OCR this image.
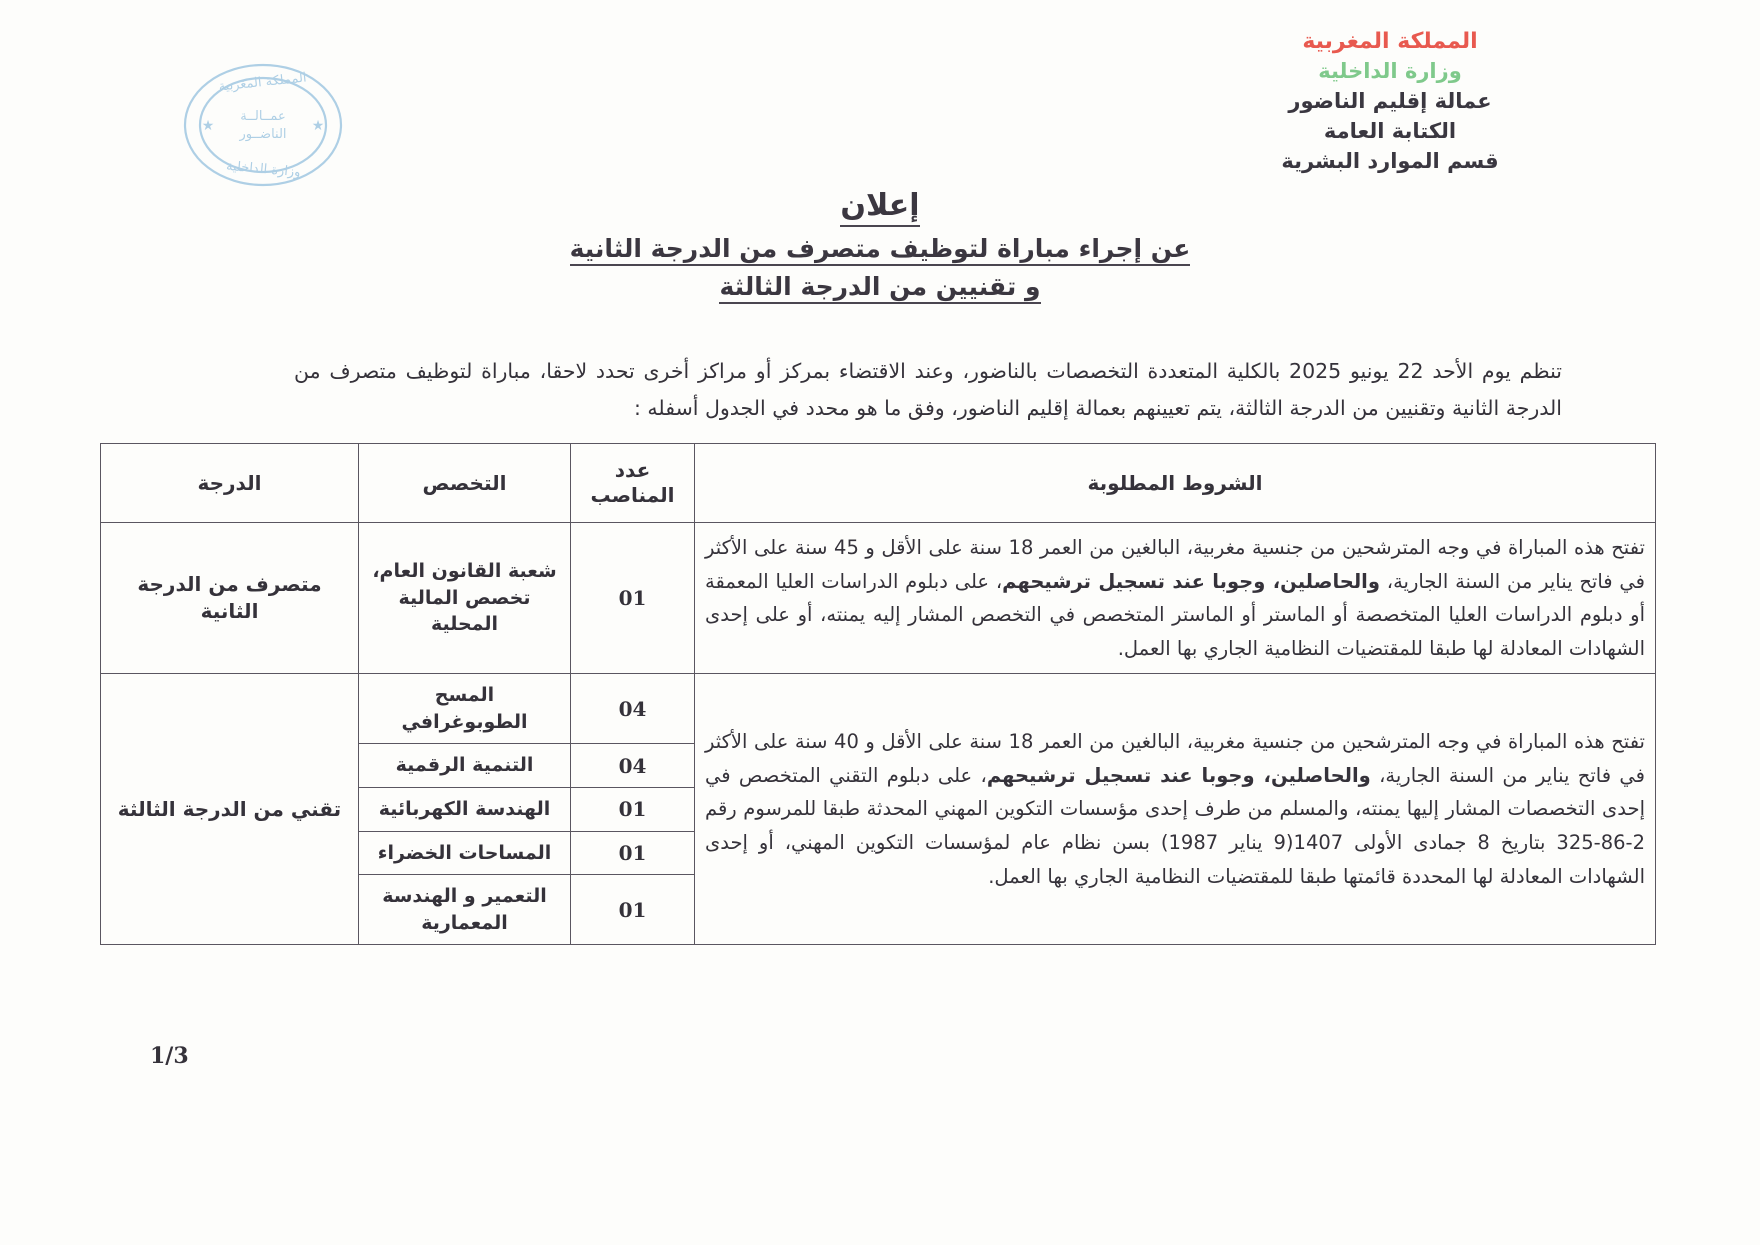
المملكة المغربية
عمــالــة
الناضــور
وزارة الداخلية
★	★
المملكة المغربية
وزارة الداخلية
عمالة إقليم الناضور
الكتابة العامة
قسم الموارد البشرية
إعلان
عن إجراء مباراة لتوظيف متصرف من الدرجة الثانية
و تقنيين من الدرجة الثالثة

تنظم يوم الأحد 22 يونيو 2025 بالكلية المتعددة التخصصات بالناضور، وعند الاقتضاء بمركز أو مراكز أخرى تحدد لاحقا، مباراة لتوظيف متصرف من الدرجة الثانية وتقنيين من الدرجة الثالثة، يتم تعيينهم بعمالة إقليم الناضور، وفق ما هو محدد في الجدول أسفله :

الشروط المطلوبة	عدد المناصب	التخصص	الدرجة
تفتح هذه المباراة في وجه المترشحين من جنسية مغربية، البالغين من العمر 18 سنة على الأقل و 45 سنة على الأكثر في فاتح يناير من السنة الجارية، والحاصلين، وجوبا عند تسجيل ترشيحهم، على دبلوم الدراسات العليا المعمقة أو دبلوم الدراسات العليا المتخصصة أو الماستر أو الماستر المتخصص في التخصص المشار إليه يمنته، أو على إحدى الشهادات المعادلة لها طبقا للمقتضيات النظامية الجاري بها العمل.	01	شعبة القانون العام، تخصص المالية المحلية	متصرف من الدرجة الثانية
تفتح هذه المباراة في وجه المترشحين من جنسية مغربية، البالغين من العمر 18 سنة على الأقل و 40 سنة على الأكثر في فاتح يناير من السنة الجارية، والحاصلين، وجوبا عند تسجيل ترشيحهم، على دبلوم التقني المتخصص في إحدى التخصصات المشار إليها يمنته، والمسلم من طرف إحدى مؤسسات التكوين المهني المحدثة طبقا للمرسوم رقم 2-86-325 بتاريخ 8 جمادى الأولى 1407(9 يناير 1987) بسن نظام عام لمؤسسات التكوين المهني، أو إحدى الشهادات المعادلة لها المحددة قائمتها طبقا للمقتضيات النظامية الجاري بها العمل.	04	المسح الطوبوغرافي	تقني من الدرجة الثالثة
	04	التنمية الرقمية	
	01	الهندسة الكهربائية	
	01	المساحات الخضراء	
	01	التعمير و الهندسة المعمارية	
1/3
